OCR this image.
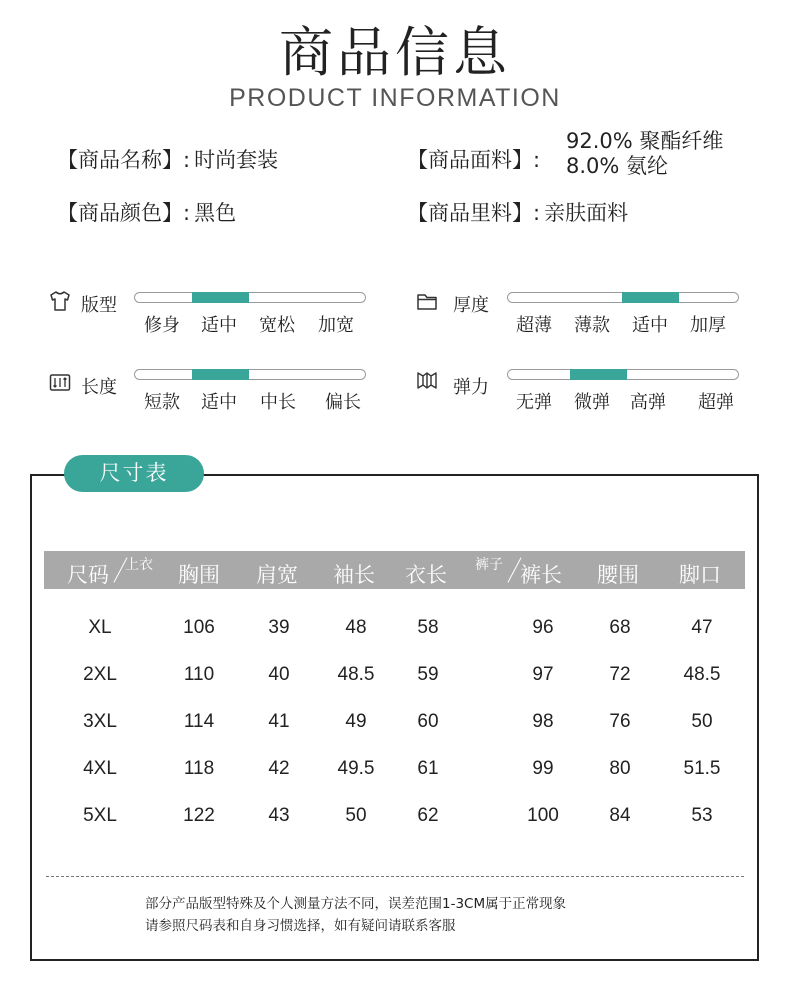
商品信息
PRODUCT INFORMATION
【商品名称】: 时尚套装
【商品颜色】: 黑色
【商品面料】:
92.0% 聚酯纤维
8.0% 氨纶
【商品里料】: 亲肤面料
版型
修身 适中 宽松 加宽
厚度
超薄 薄款 适中 加厚
长度
短款 适中 中长 偏长
弹力
无弹 微弹 高弹 超弹
尺寸表
尺码 上衣 胸围 肩宽 袖长 衣长 裤子 裤长 腰围 脚口
XL	106	39	48	58	96	68	47
2XL	110	40	48.5	59	97	72	48.5
3XL	114	41	49	60	98	76	50
4XL	118	42	49.5	61	99	80	51.5
5XL	122	43	50	62	100	84	53
部分产品版型特殊及个人测量方法不同，误差范围1-3CM属于正常现象
请参照尺码表和自身习惯选择，如有疑问请联系客服
